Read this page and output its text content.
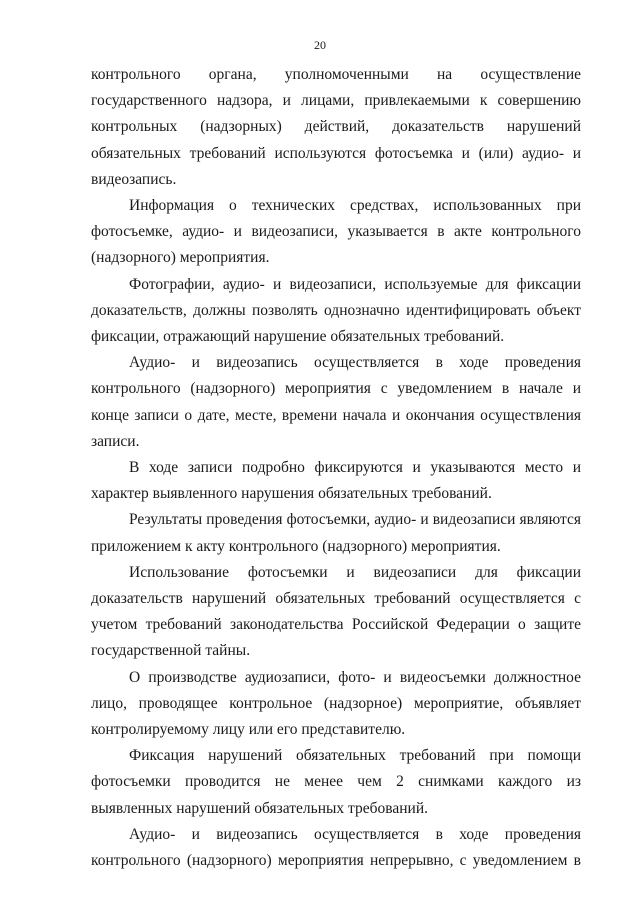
20

контрольного органа, уполномоченными на осуществление государственного надзора, и лицами, привлекаемыми к совершению контрольных (надзорных) действий, доказательств нарушений обязательных требований используются фотосъемка и (или) аудио- и видеозапись.

Информация о технических средствах, использованных при фотосъемке, аудио- и видеозаписи, указывается в акте контрольного (надзорного) мероприятия.

Фотографии, аудио- и видеозаписи, используемые для фиксации доказательств, должны позволять однозначно идентифицировать объект фиксации, отражающий нарушение обязательных требований.

Аудио- и видеозапись осуществляется в ходе проведения контрольного (надзорного) мероприятия с уведомлением в начале и конце записи о дате, месте, времени начала и окончания осуществления записи.

В ходе записи подробно фиксируются и указываются место и характер выявленного нарушения обязательных требований.

Результаты проведения фотосъемки, аудио- и видеозаписи являются приложением к акту контрольного (надзорного) мероприятия.

Использование фотосъемки и видеозаписи для фиксации доказательств нарушений обязательных требований осуществляется с учетом требований законодательства Российской Федерации о защите государственной тайны.

О производстве аудиозаписи, фото- и видеосъемки должностное лицо, проводящее контрольное (надзорное) мероприятие, объявляет контролируемому лицу или его представителю.

Фиксация нарушений обязательных требований при помощи фотосъемки проводится не менее чем 2 снимками каждого из выявленных нарушений обязательных требований.

Аудио- и видеозапись осуществляется в ходе проведения контрольного (надзорного) мероприятия непрерывно, с уведомлением в
